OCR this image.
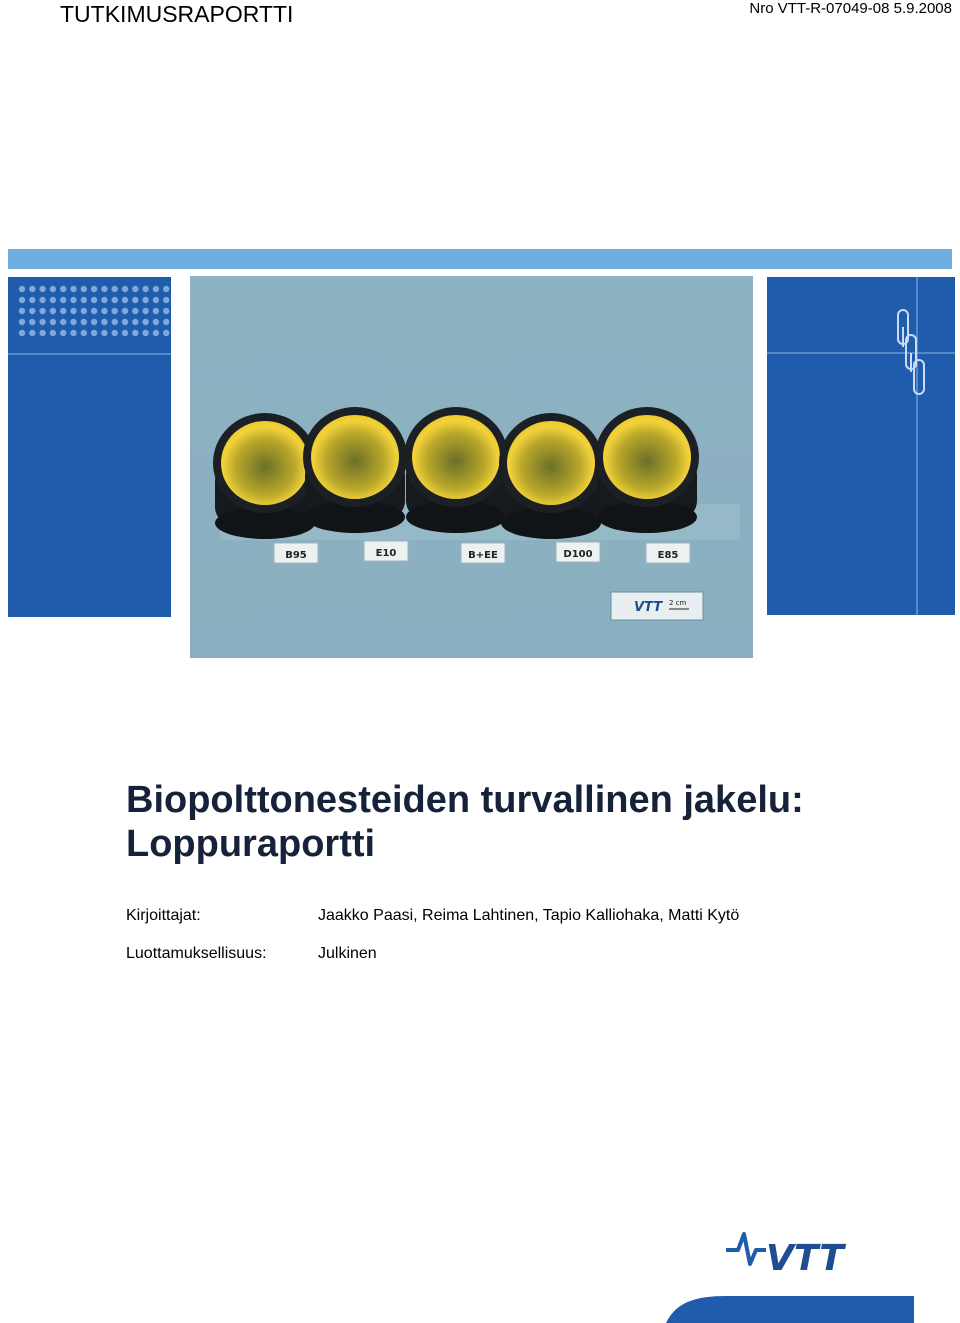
TUTKIMUSRAPORTTI	Nro VTT-R-07049-08 5.9.2008
B95	E10	B+EE	D100	E85
VTT 2 cm
Biopolttonesteiden turvallinen jakelu:
Loppuraportti
Kirjoittajat:	Jaakko Paasi, Reima Lahtinen, Tapio Kalliohaka, Matti Kytö
Luottamuksellisuus:	Julkinen
VTT
